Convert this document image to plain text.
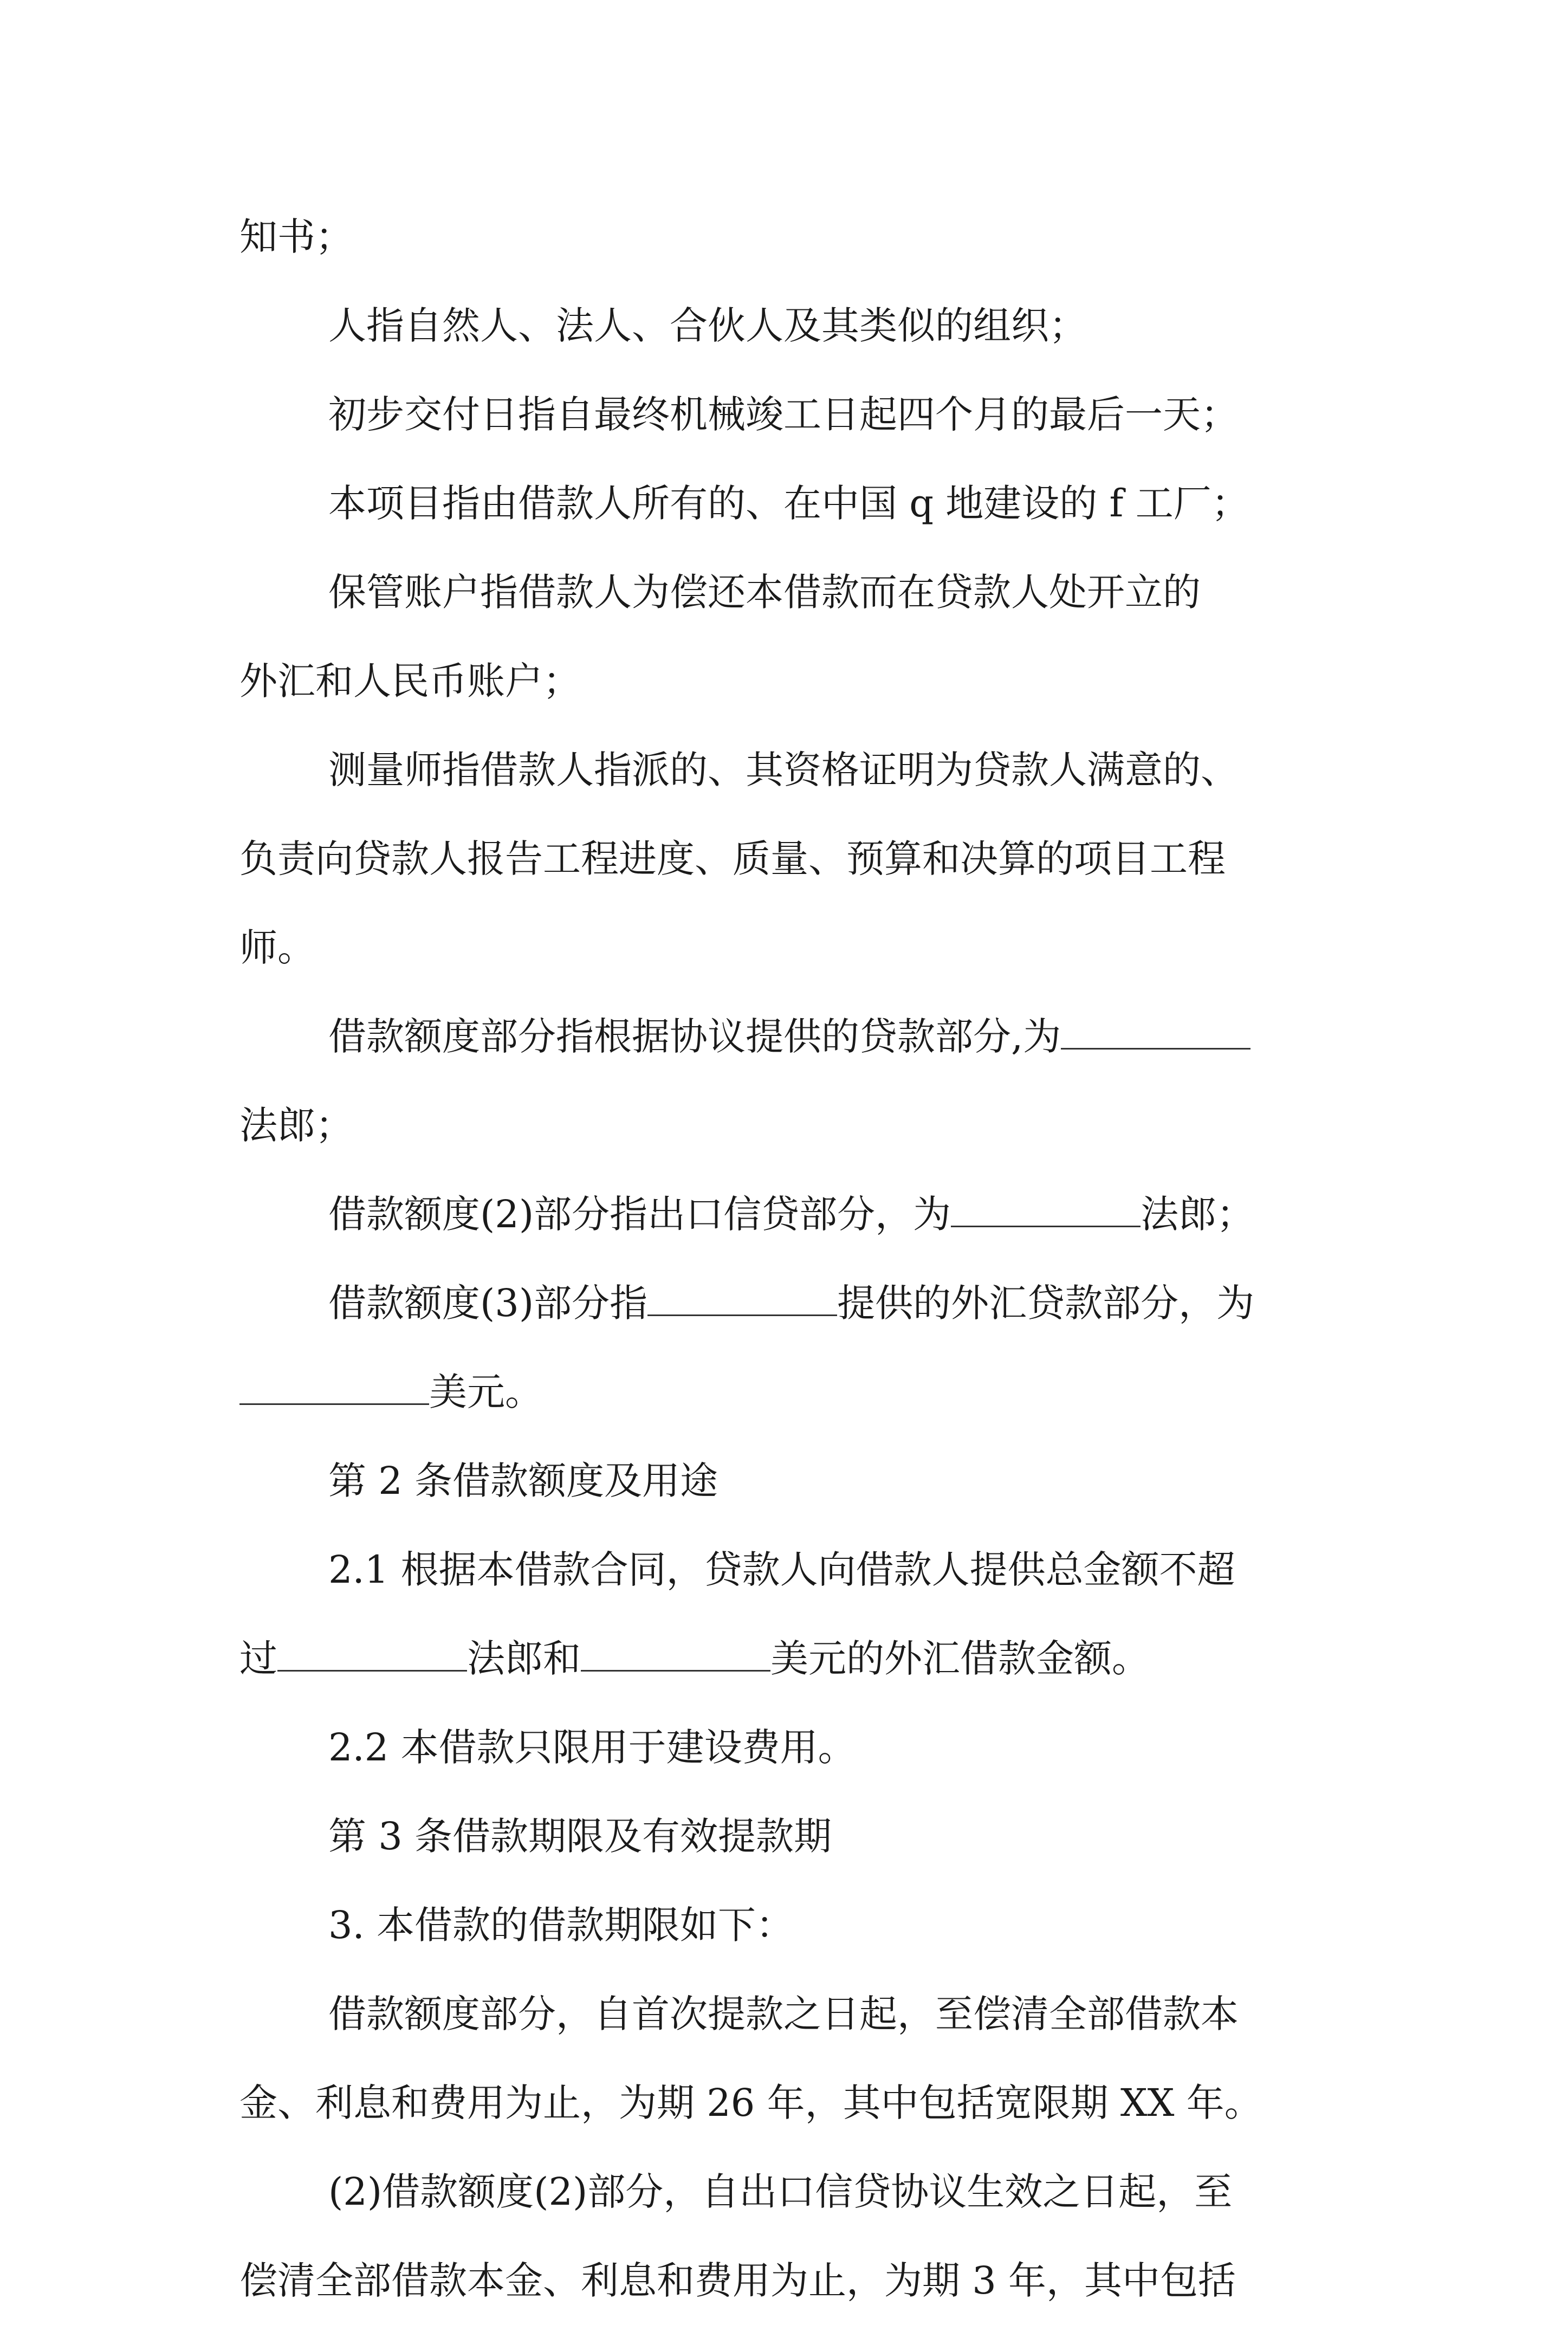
知书；

人指自然人、法人、合伙人及其类似的组织；

初步交付日指自最终机械竣工日起四个月的最后一天；

本项目指由借款人所有的、在中国 q 地建设的 f 工厂；

保管账户指借款人为偿还本借款而在贷款人处开立的

外汇和人民币账户；

测量师指借款人指派的、其资格证明为贷款人满意的、

负责向贷款人报告工程进度、质量、预算和决算的项目工程

师。

借款额度部分指根据协议提供的贷款部分,为

法郎；

借款额度(2)部分指出口信贷部分，为	法郎；

借款额度(3)部分指	提供的外汇贷款部分，为

美元。

第 2 条借款额度及用途

2.1 根据本借款合同，贷款人向借款人提供总金额不超

过	法郎和	美元的外汇借款金额。

2.2 本借款只限用于建设费用。

第 3 条借款期限及有效提款期

3. 本借款的借款期限如下：

借款额度部分，自首次提款之日起，至偿清全部借款本

金、利息和费用为止，为期 26 年，其中包括宽限期 XX 年。

(2)借款额度(2)部分，自出口信贷协议生效之日起，至

偿清全部借款本金、利息和费用为止，为期 3 年，其中包括
